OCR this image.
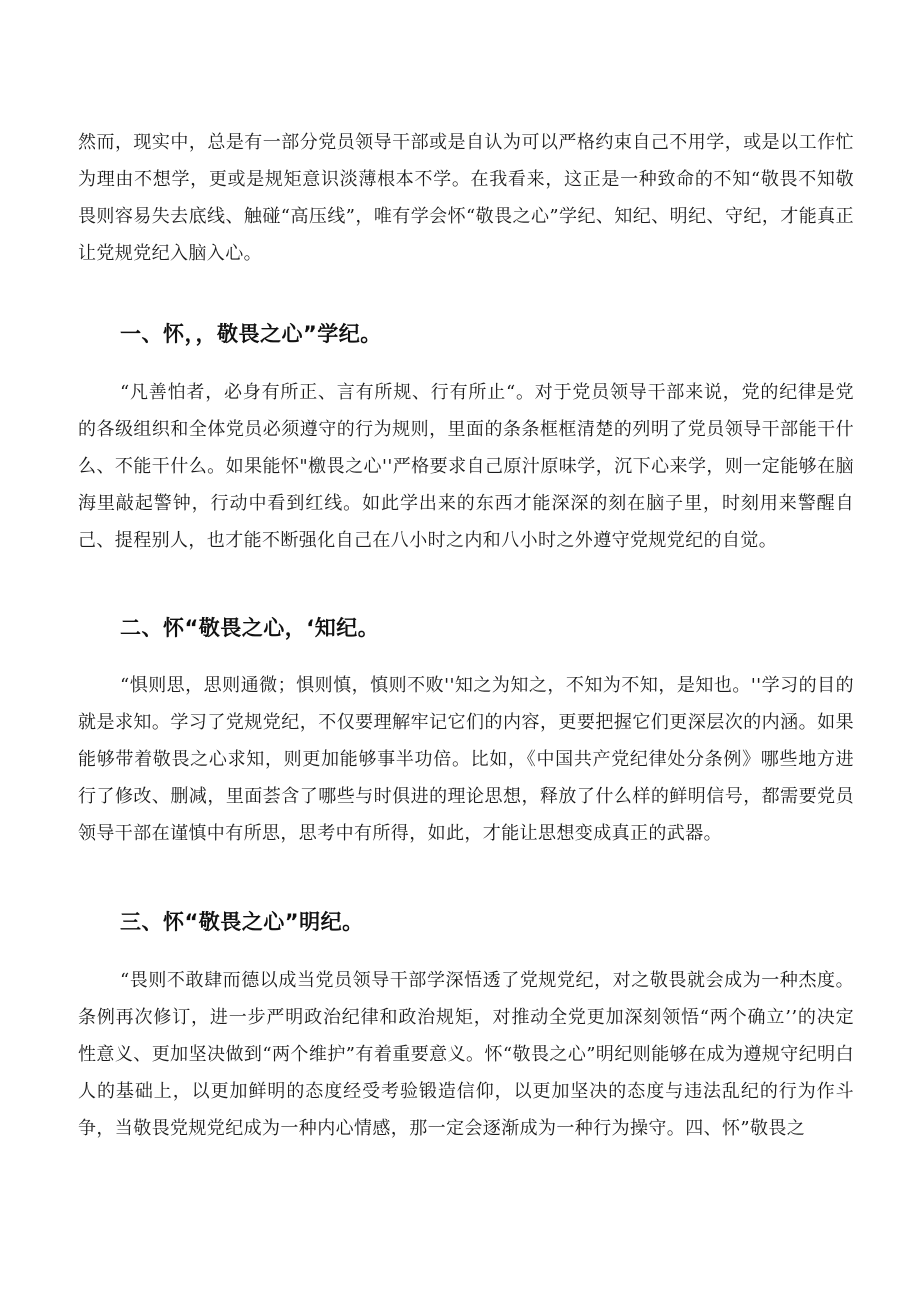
然而，现实中，总是有一部分党员领导干部或是自认为可以严格约束自己不用学，或是以工作忙为理由不想学，更或是规矩意识淡薄根本不学。在我看来，这正是一种致命的不知“敬畏不知敬畏则容易失去底线、触碰“高压线”，唯有学会怀“敬畏之心”学纪、知纪、明纪、守纪，才能真正让党规党纪入脑入心。

一、怀，，敬畏之心”学纪。

“凡善怕者，必身有所正、言有所规、行有所止“。对于党员领导干部来说，党的纪律是党的各级组织和全体党员必须遵守的行为规则，里面的条条框框清楚的列明了党员领导干部能干什么、不能干什么。如果能怀"檄畏之心''严格要求自己原汁原味学，沉下心来学，则一定能够在脑海里敲起警钟，行动中看到红线。如此学出来的东西才能深深的刻在脑子里，时刻用来警醒自己、提程别人，也才能不断强化自己在八小时之内和八小时之外遵守党规党纪的自觉。

二、怀“敬畏之心，‘知纪。

“惧则思，思则通微；惧则慎，慎则不败''知之为知之，不知为不知，是知也。''学习的目的就是求知。学习了党规党纪，不仅要理解牢记它们的内容，更要把握它们更深层次的内涵。如果能够带着敬畏之心求知，则更加能够事半功倍。比如，《中国共产党纪律处分条例》哪些地方进行了修改、删减，里面荟含了哪些与时俱进的理论思想，释放了什么样的鲜明信号，都需要党员领导干部在谨慎中有所思，思考中有所得，如此，才能让思想变成真正的武器。

三、怀“敬畏之心”明纪。

“畏则不敢肆而德以成当党员领导干部学深悟透了党规党纪，对之敬畏就会成为一种杰度。条例再次修订，进一步严明政治纪律和政治规矩，对推动全党更加深刻领悟“两个确立’’的决定性意义、更加坚决做到“两个维护”有着重要意义。怀“敬畏之心”明纪则能够在成为遵规守纪明白人的基础上，以更加鲜明的态度经受考验锻造信仰，以更加坚决的态度与违法乱纪的行为作斗争，当敬畏党规党纪成为一种内心情感，那一定会逐渐成为一种行为操守。四、怀”敬畏之
